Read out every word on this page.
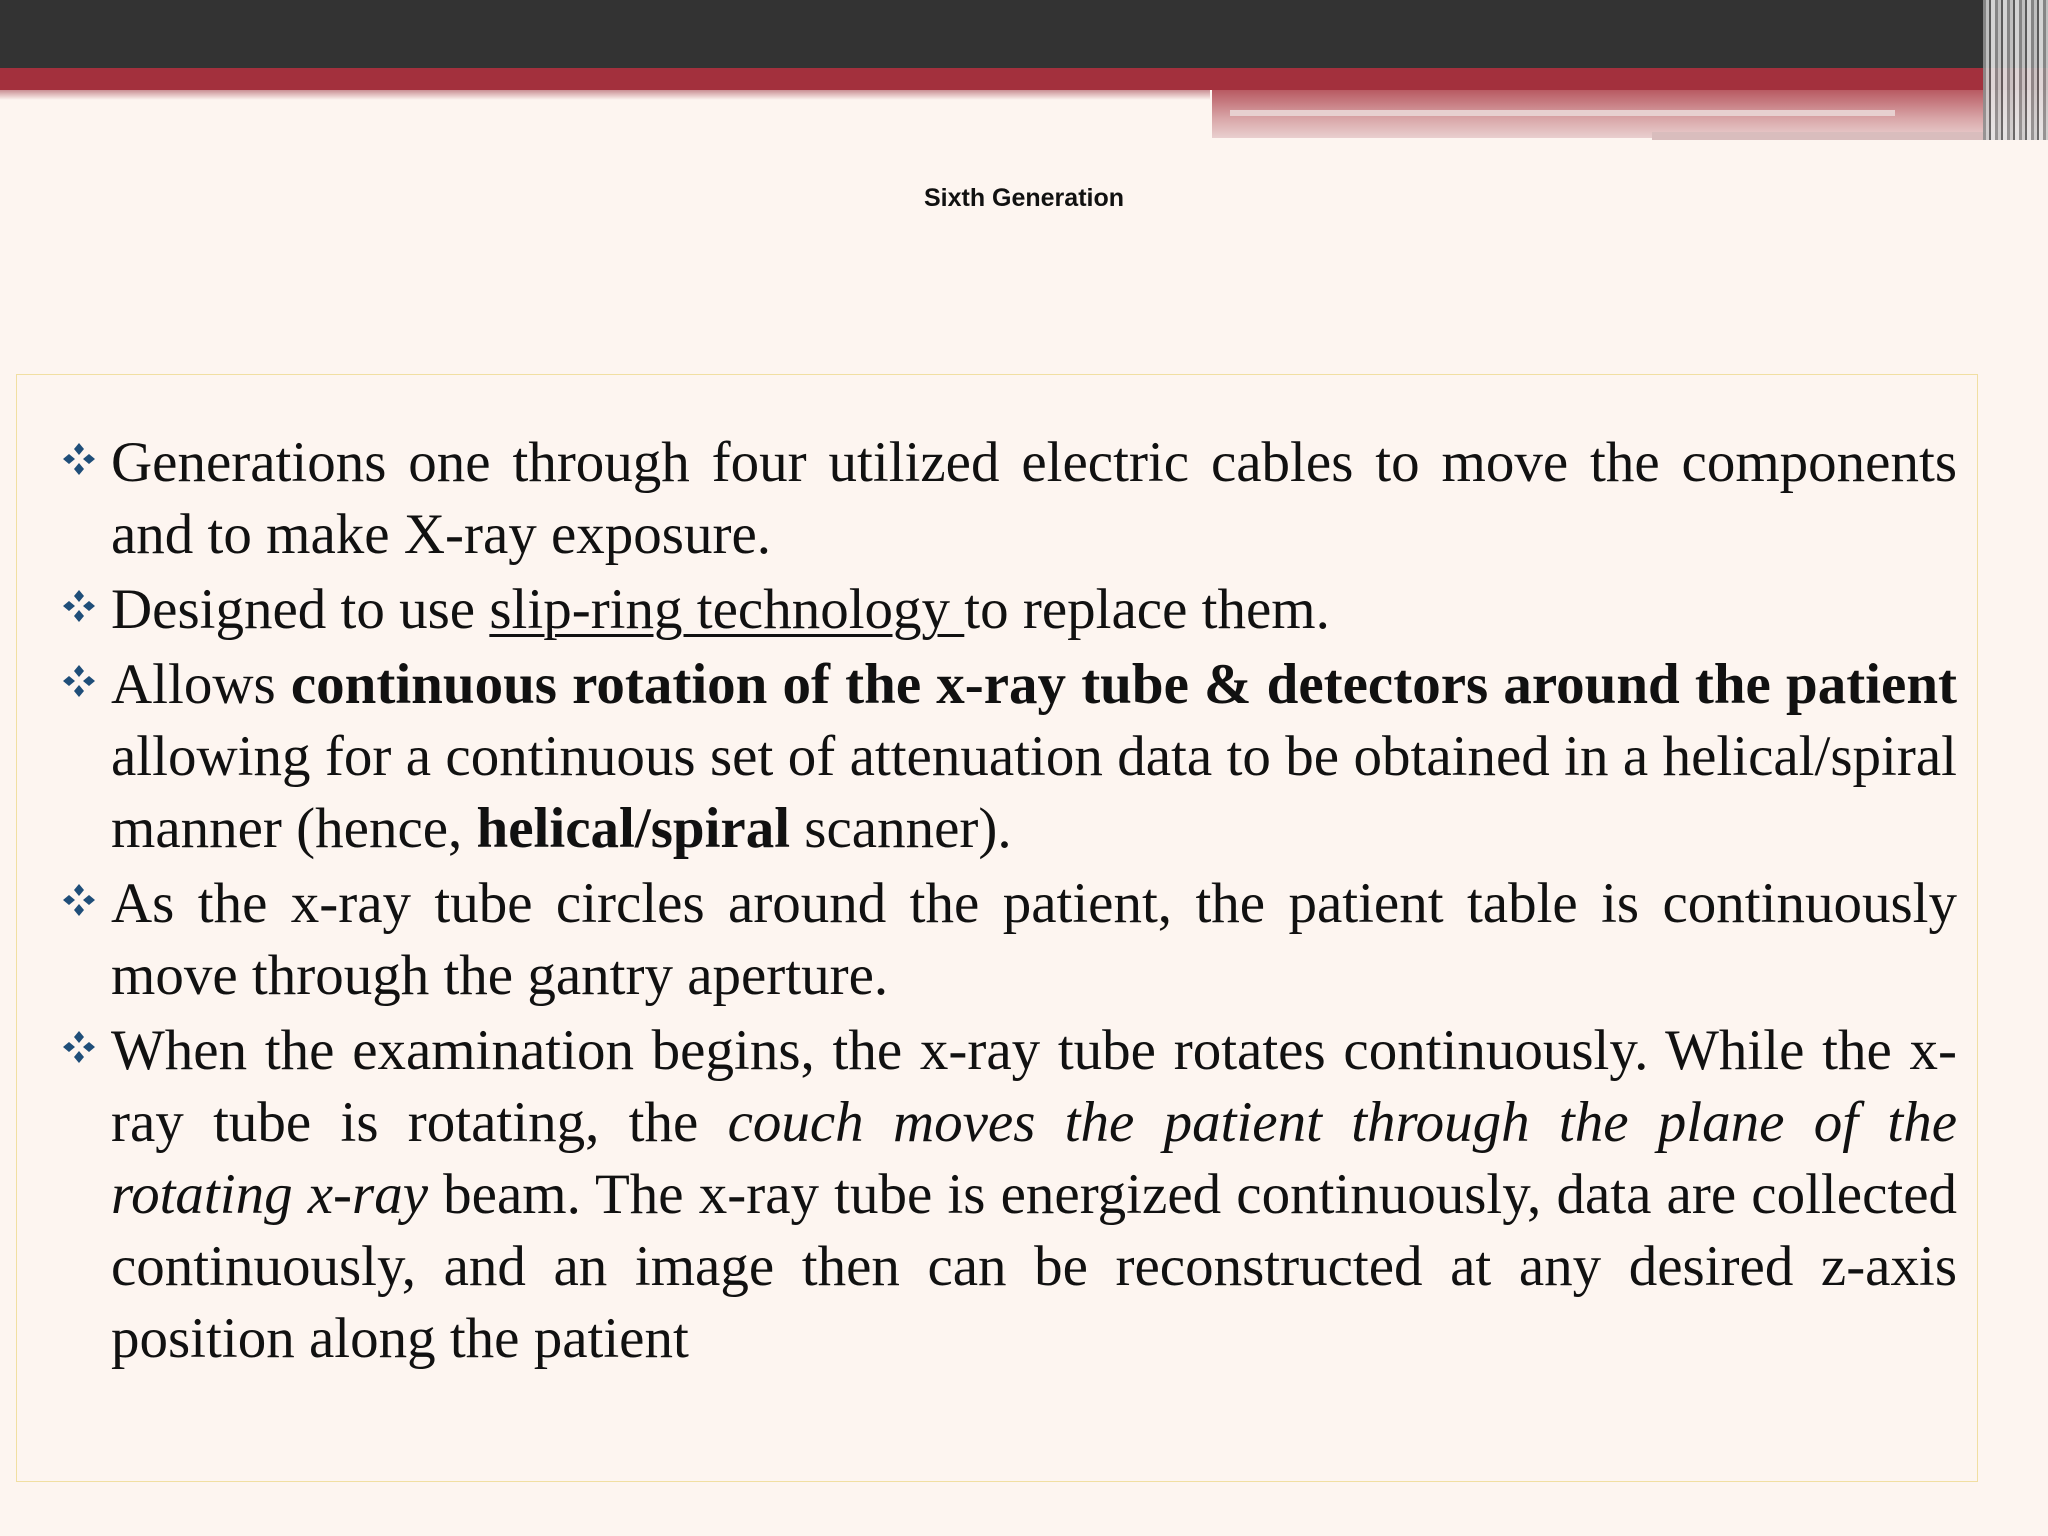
Sixth Generation

Generations one through four utilized electric cables to move the components and to make X-ray exposure.

Designed to use slip-ring technology to replace them.

Allows continuous rotation of the x-ray tube & detectors around the patient allowing for a continuous set of attenuation data to be obtained in a helical/spiral manner (hence, helical/spiral scanner).

As the x-ray tube circles around the patient, the patient table is continuously move through the gantry aperture.

When the examination begins, the x-ray tube rotates continuously. While the x-ray tube is rotating, the couch moves the patient through the plane of the rotating x-ray beam. The x-ray tube is energized continuously, data are collected continuously, and an image then can be reconstructed at any desired z-axis position along the patient
